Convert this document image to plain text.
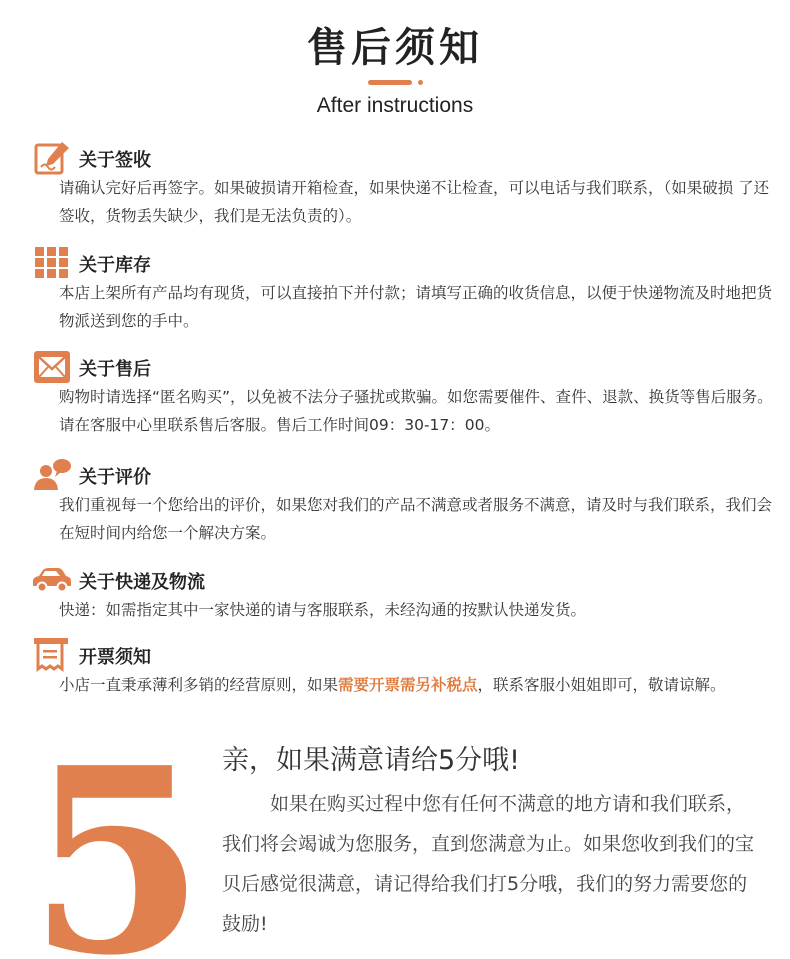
售后须知
After instructions
关于签收
请确认完好后再签字。如果破损请开箱检查，如果快递不让检查，可以电话与我们联系，（如果破损 了还签收，货物丢失缺少，我们是无法负责的）。
关于库存
本店上架所有产品均有现货，可以直接拍下并付款；请填写正确的收货信息，以便于快递物流及时地把货物派送到您的手中。
关于售后
购物时请选择“匿名购买”，以免被不法分子骚扰或欺骗。如您需要催件、查件、退款、换货等售后服务。请在客服中心里联系售后客服。售后工作时间09：30-17：00。
关于评价
我们重视每一个您给出的评价，如果您对我们的产品不满意或者服务不满意，请及时与我们联系，我们会在短时间内给您一个解决方案。
关于快递及物流
快递：如需指定其中一家快递的请与客服联系，未经沟通的按默认快递发货。
开票须知
小店一直秉承薄利多销的经营原则，如果需要开票需另补税点，联系客服小姐姐即可，敬请谅解。
5 亲，如果满意请给5分哦!
如果在购买过程中您有任何不满意的地方请和我们联系，我们将会竭诚为您服务，直到您满意为止。如果您收到我们的宝贝后感觉很满意，请记得给我们打5分哦，我们的努力需要您的鼓励!
